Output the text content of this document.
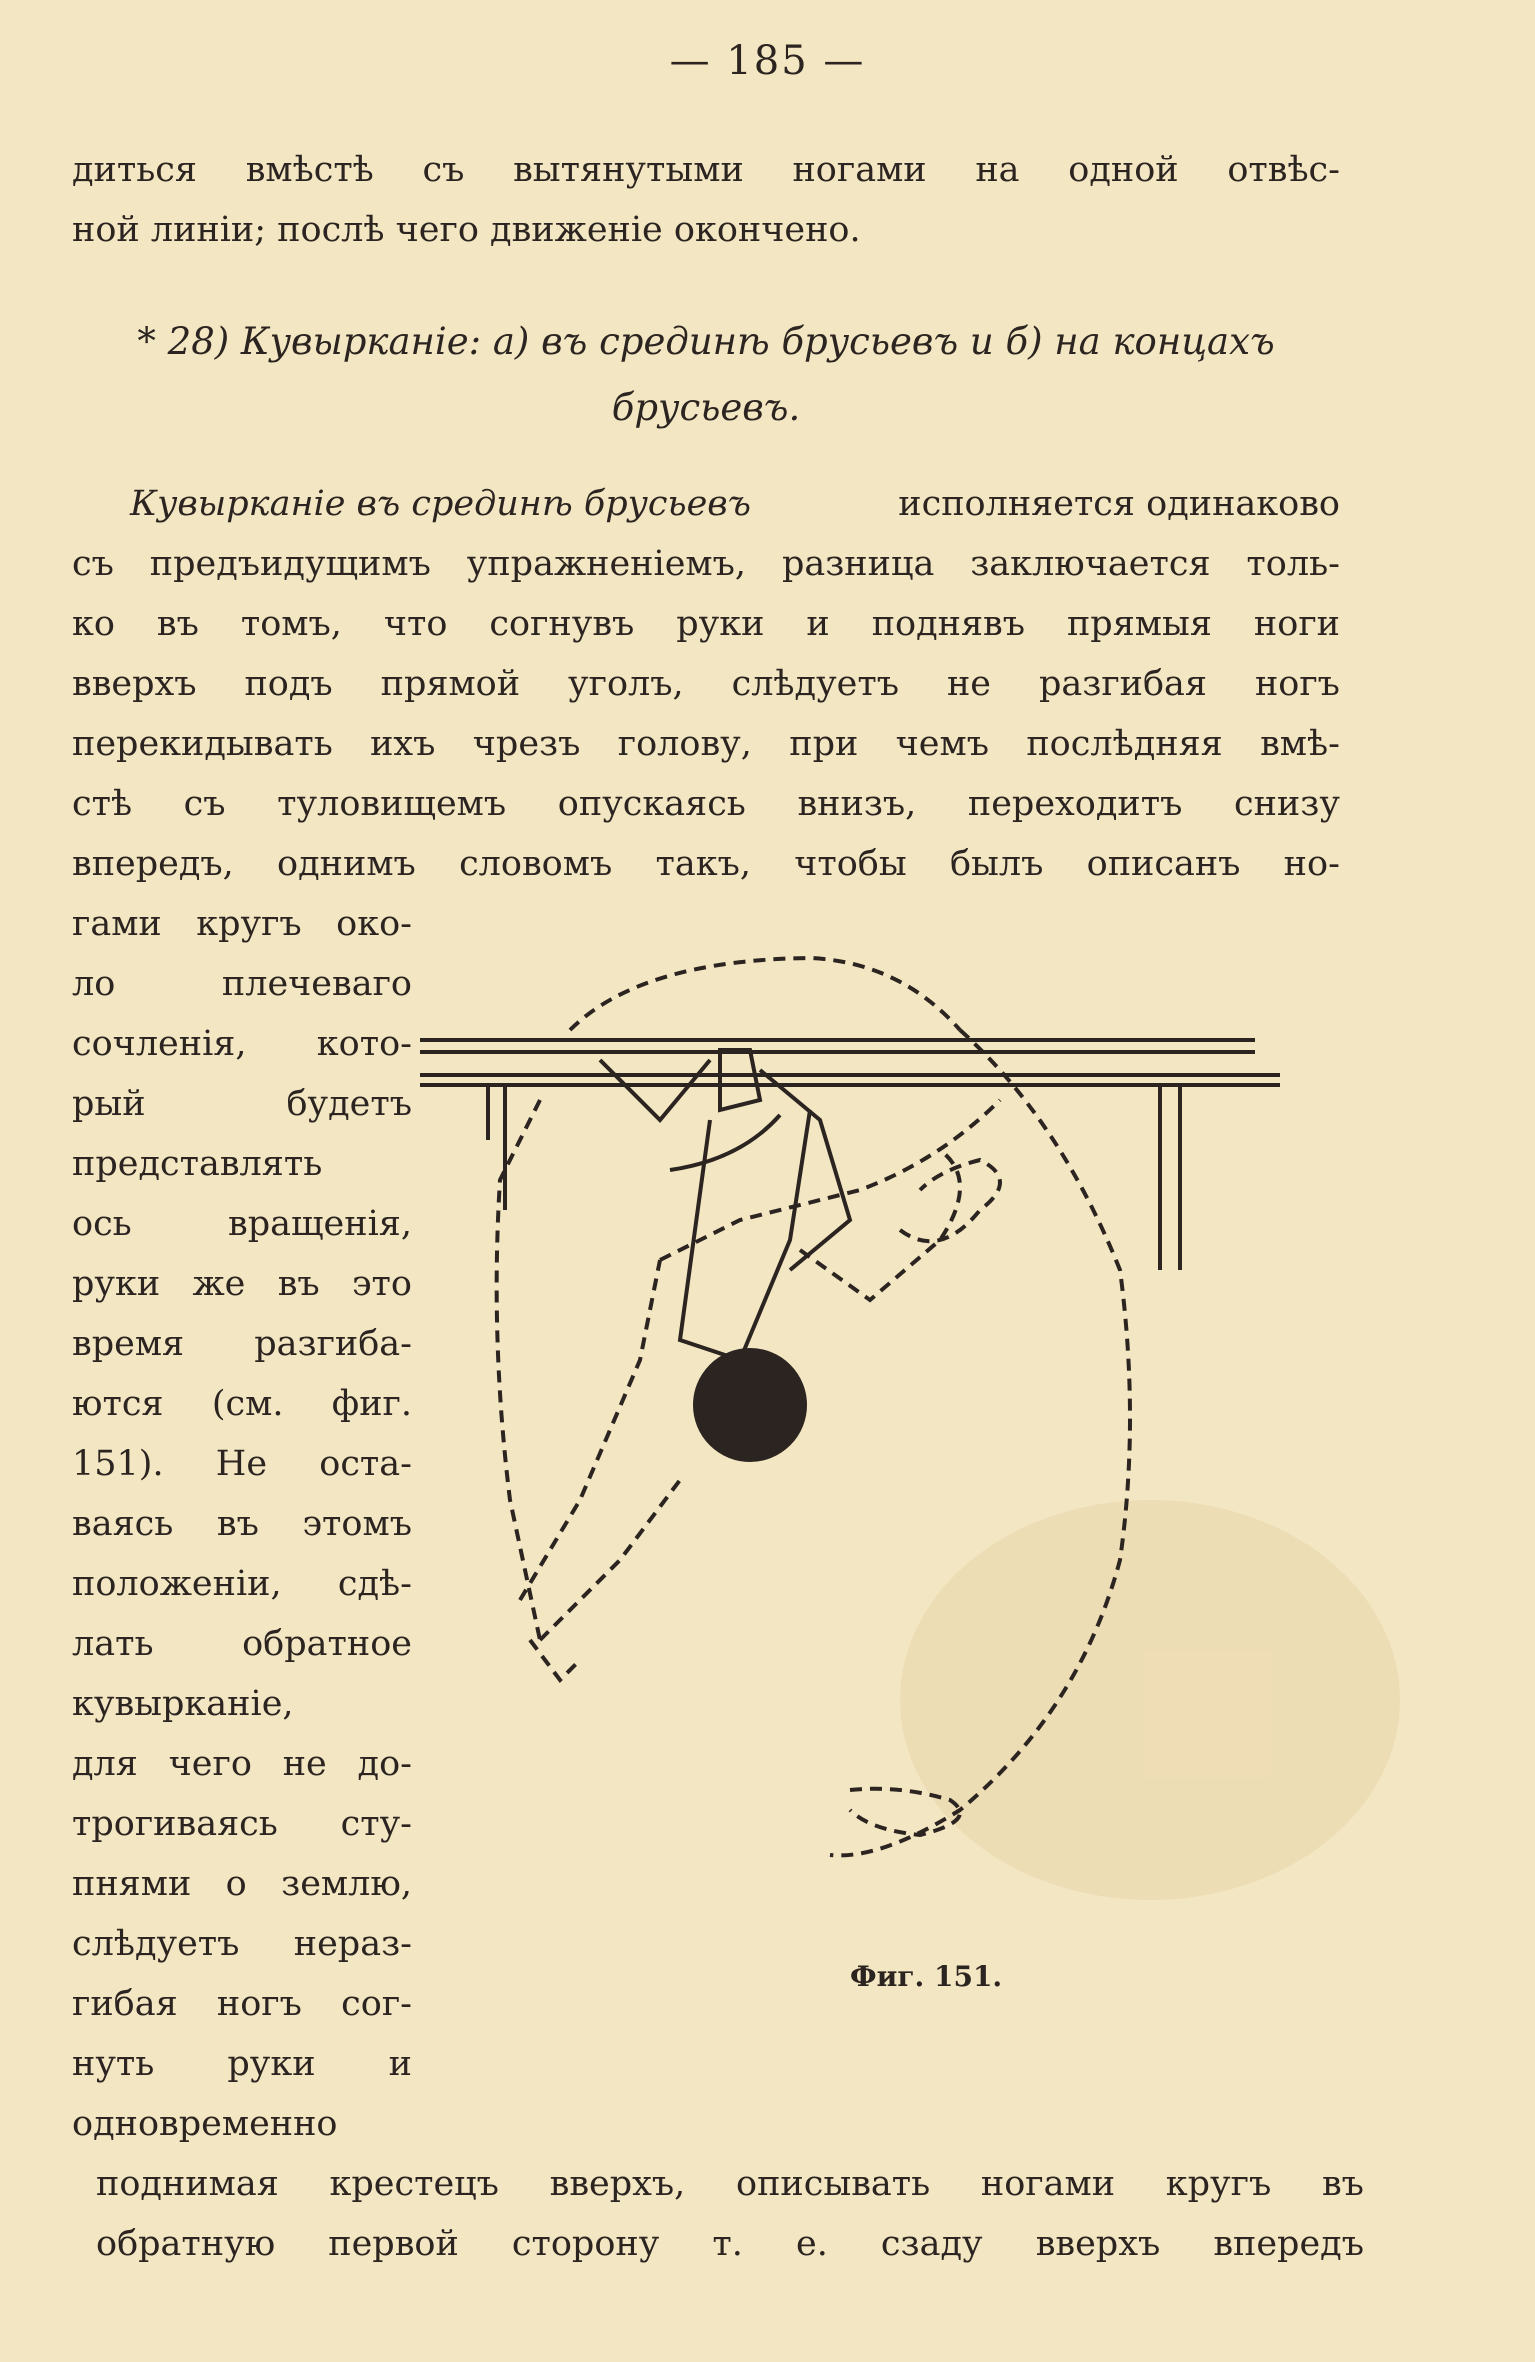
— 185 —
диться вмѣстѣ съ вытянутыми ногами на одной отвѣс-
ной линіи; послѣ чего движеніе окончено.
* 28) Кувыркaніе: a) въ срединѣ брусьевъ и б) на концахъ
брусьевъ.
Кувыркaніе въ срединѣ брусьевъ	исполняется одинаково
съ предъидущимъ упражненіемъ, разница заключается толь-
ко въ томъ, что согнувъ руки и поднявъ прямыя ноги
вверхъ подъ прямой уголъ, слѣдуетъ не разгибая ногъ
перекидывать ихъ чрезъ голову, при чемъ послѣдняя вмѣ-
стѣ съ туловищемъ опускаясь внизъ, переходитъ снизу
впередъ, однимъ словомъ такъ, чтобы былъ описанъ но-
гами кругъ око-
ло	плечеваго
сочленія, кото-
рый	будетъ
представлять
ось	вращенія,
руки же въ это
время разгиба-
ются (см. фиг.
151). Не оста-
ваясь въ этомъ
положеніи, сдѣ-
лать	обратное
кувыркaніе,
для чего не до-
трогиваясь сту-
пнями о землю,
слѣдуетъ нераз-
гибая ногъ сог-
нуть руки и
одновременно
поднимая крестецъ вверхъ, описывать ногами кругъ въ
обратную первой сторону т. е. сзаду вверхъ впередъ
Фиг. 151.
